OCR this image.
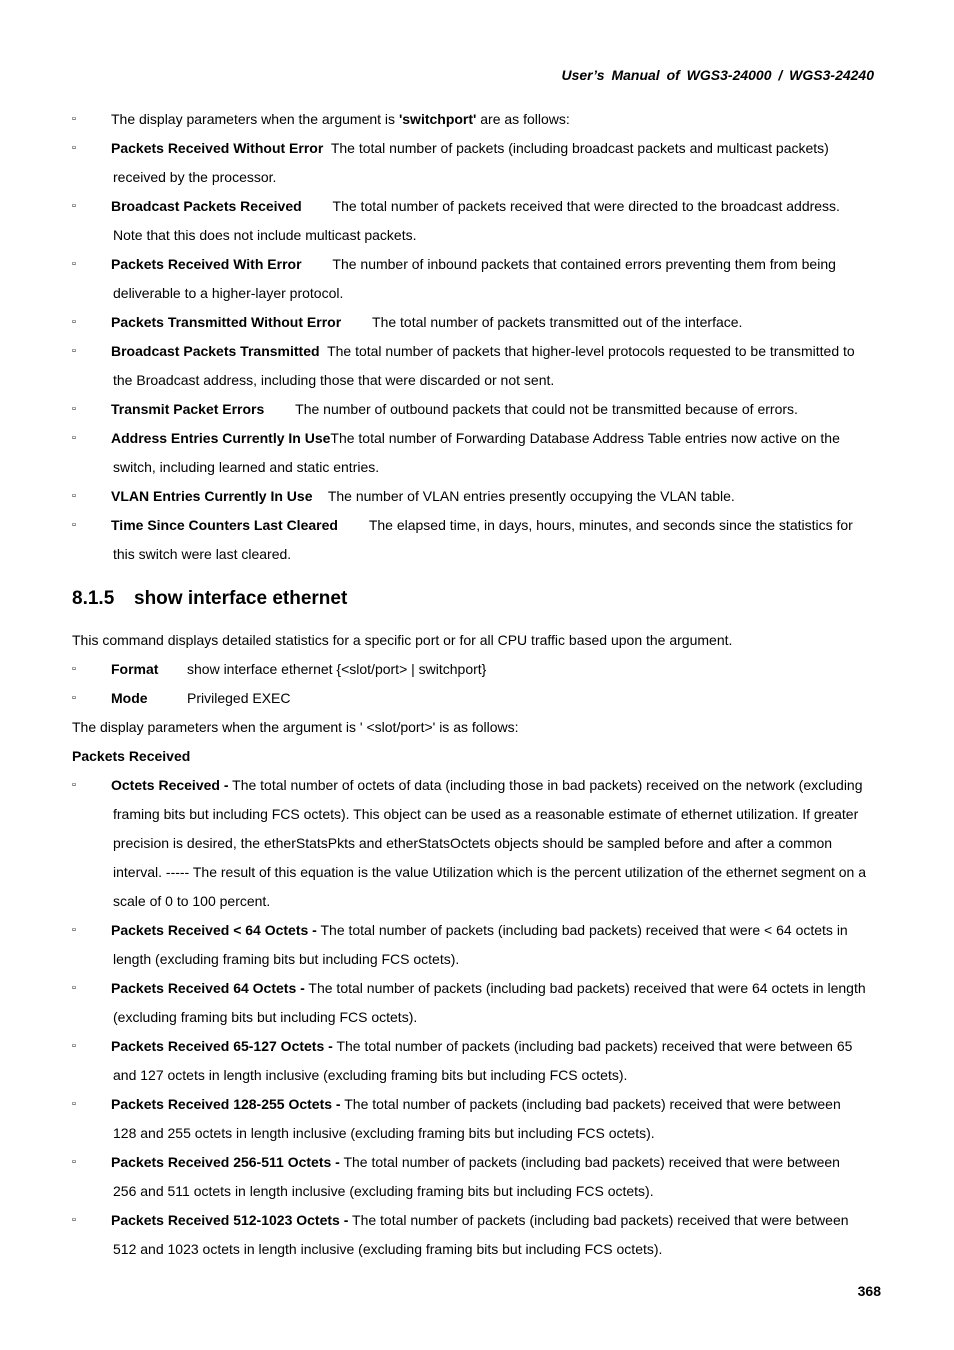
User’s Manual of WGS3-24000 / WGS3-24240
▫ The display parameters when the argument is 'switchport' are as follows:
▫ Packets Received Without Error The total number of packets (including broadcast packets and multicast packets)
received by the processor.
▫ Broadcast Packets Received The total number of packets received that were directed to the broadcast address.
Note that this does not include multicast packets.
▫ Packets Received With Error The number of inbound packets that contained errors preventing them from being
deliverable to a higher-layer protocol.
▫ Packets Transmitted Without Error The total number of packets transmitted out of the interface.
▫ Broadcast Packets Transmitted The total number of packets that higher-level protocols requested to be transmitted to
the Broadcast address, including those that were discarded or not sent.
▫ Transmit Packet Errors The number of outbound packets that could not be transmitted because of errors.
▫ Address Entries Currently In UseThe total number of Forwarding Database Address Table entries now active on the
switch, including learned and static entries.
▫ VLAN Entries Currently In Use The number of VLAN entries presently occupying the VLAN table.
▫ Time Since Counters Last Cleared The elapsed time, in days, hours, minutes, and seconds since the statistics for
this switch were last cleared.
8.1.5 show interface ethernet
This command displays detailed statistics for a specific port or for all CPU traffic based upon the argument.
▫ Format show interface ethernet {<slot/port> | switchport}
▫ Mode	Privileged EXEC
The display parameters when the argument is ' <slot/port>' is as follows:
Packets Received
▫ Octets Received - The total number of octets of data (including those in bad packets) received on the network (excluding
framing bits but including FCS octets). This object can be used as a reasonable estimate of ethernet utilization. If greater
precision is desired, the etherStatsPkts and etherStatsOctets objects should be sampled before and after a common
interval. ----- The result of this equation is the value Utilization which is the percent utilization of the ethernet segment on a
scale of 0 to 100 percent.
▫ Packets Received < 64 Octets - The total number of packets (including bad packets) received that were < 64 octets in
length (excluding framing bits but including FCS octets).
▫ Packets Received 64 Octets - The total number of packets (including bad packets) received that were 64 octets in length
(excluding framing bits but including FCS octets).
▫ Packets Received 65-127 Octets - The total number of packets (including bad packets) received that were between 65
and 127 octets in length inclusive (excluding framing bits but including FCS octets).
▫ Packets Received 128-255 Octets - The total number of packets (including bad packets) received that were between
128 and 255 octets in length inclusive (excluding framing bits but including FCS octets).
▫ Packets Received 256-511 Octets - The total number of packets (including bad packets) received that were between
256 and 511 octets in length inclusive (excluding framing bits but including FCS octets).
▫ Packets Received 512-1023 Octets - The total number of packets (including bad packets) received that were between
512 and 1023 octets in length inclusive (excluding framing bits but including FCS octets).
368
